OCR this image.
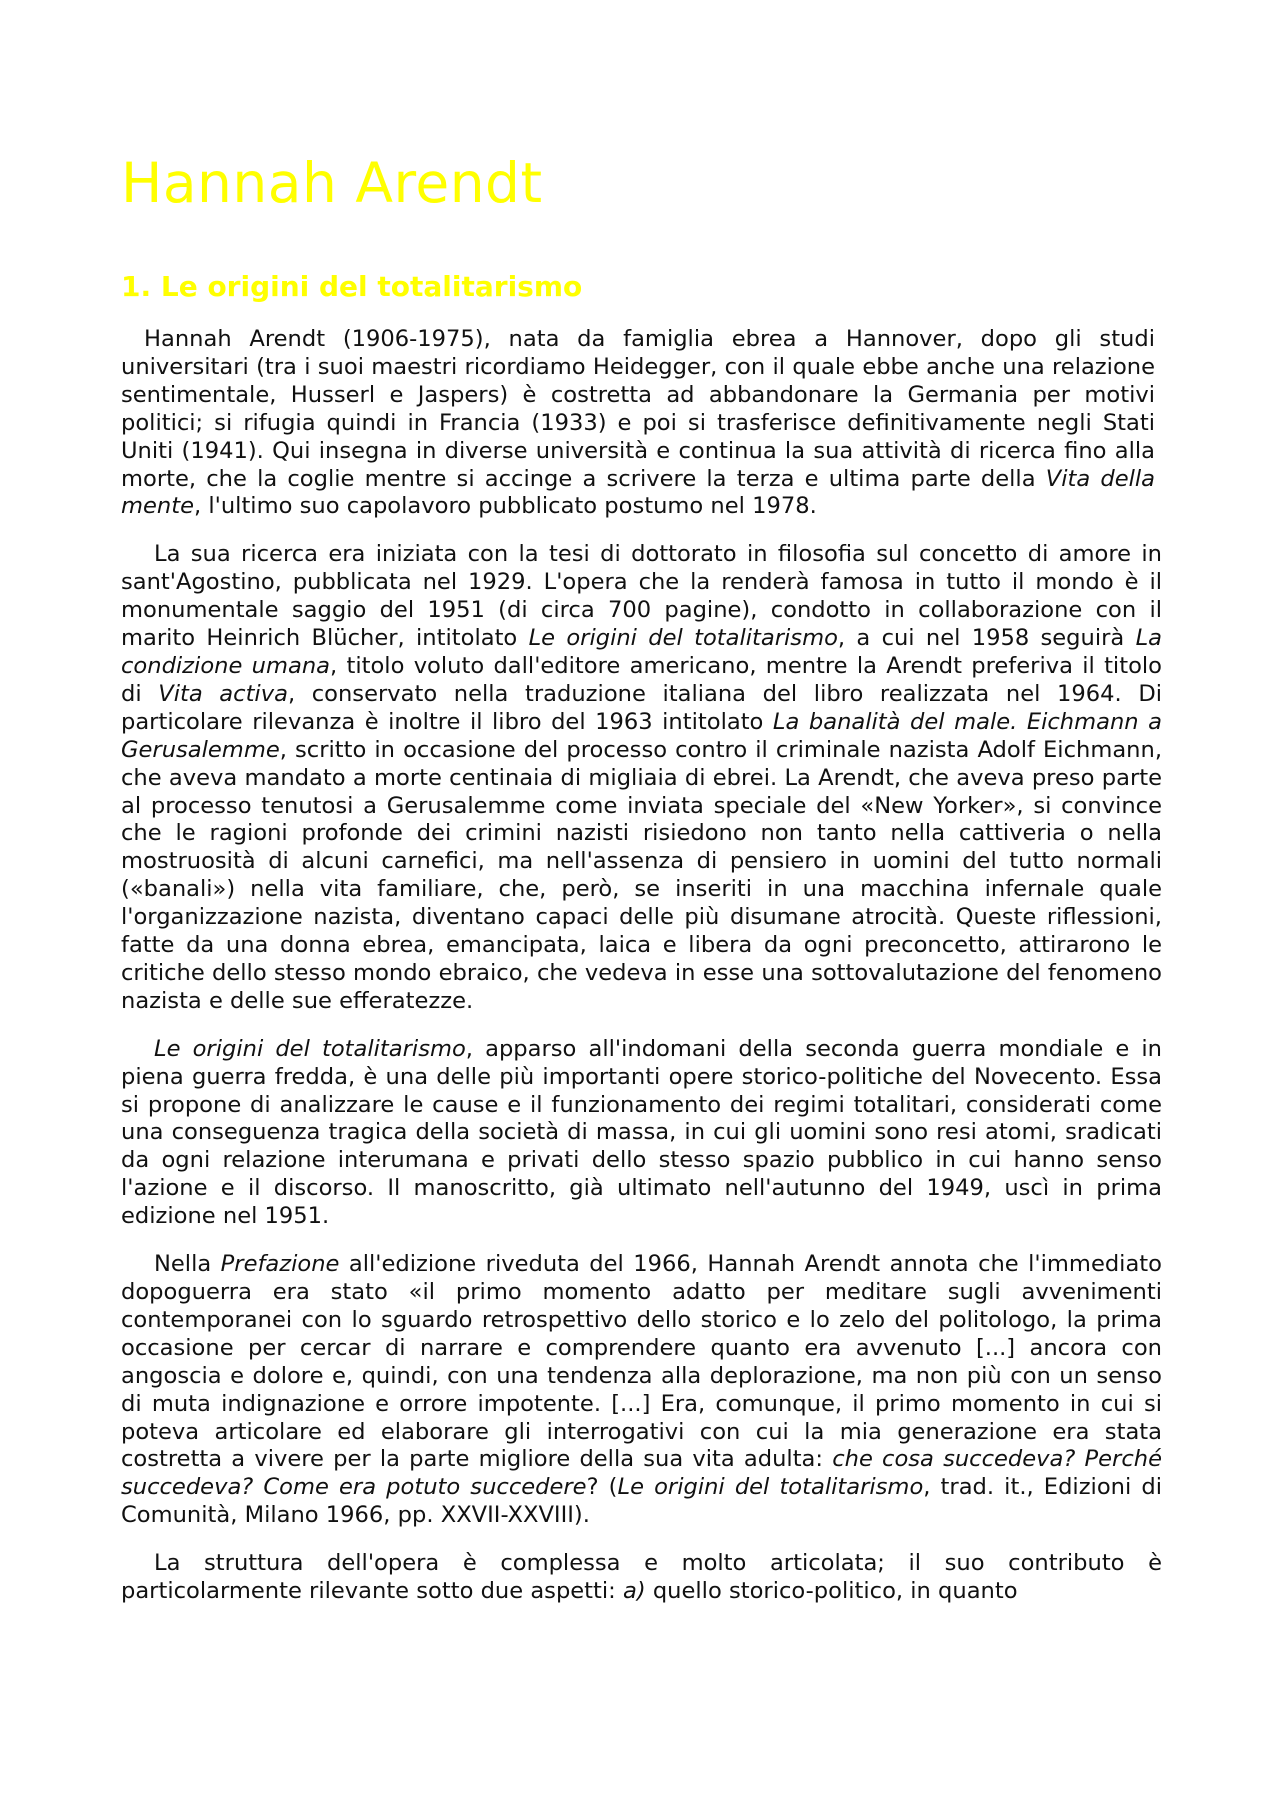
Hannah Arendt
1. Le origini del totalitarismo

Hannah Arendt (1906-1975), nata da famiglia ebrea a Hannover, dopo gli studi universitari (tra i suoi maestri ricordiamo Heidegger, con il quale ebbe anche una relazione sentimentale, Husserl e Jaspers) è costretta ad abbandonare la Germania per motivi politici; si rifugia quindi in Francia (1933) e poi si trasferisce definitivamente negli Stati Uniti (1941). Qui insegna in diverse università e continua la sua attività di ricerca fino alla morte, che la coglie mentre si accinge a scrivere la terza e ultima parte della Vita della mente, l'ultimo suo capolavoro pubblicato postumo nel 1978.

La sua ricerca era iniziata con la tesi di dottorato in filosofia sul concetto di amore in sant'Agostino, pubblicata nel 1929. L'opera che la renderà famosa in tutto il mondo è il monumentale saggio del 1951 (di circa 700 pagine), condotto in collaborazione con il marito Heinrich Blücher, intitolato Le origini del totalitarismo, a cui nel 1958 seguirà La condizione umana, titolo voluto dall'editore americano, mentre la Arendt preferiva il titolo di Vita activa, conservato nella traduzione italiana del libro realizzata nel 1964. Di particolare rilevanza è inoltre il libro del 1963 intitolato La banalità del male. Eichmann a Gerusalemme, scritto in occasione del processo contro il criminale nazista Adolf Eichmann, che aveva mandato a morte centinaia di migliaia di ebrei. La Arendt, che aveva preso parte al processo tenutosi a Gerusalemme come inviata speciale del «New Yorker», si convince che le ragioni profonde dei crimini nazisti risiedono non tanto nella cattiveria o nella mostruosità di alcuni carnefici, ma nell'assenza di pensiero in uomini del tutto normali («banali») nella vita familiare, che, però, se inseriti in una macchina infernale quale l'organizzazione nazista, diventano capaci delle più disumane atrocità. Queste riflessioni, fatte da una donna ebrea, emancipata, laica e libera da ogni preconcetto, attirarono le critiche dello stesso mondo ebraico, che vedeva in esse una sottovalutazione del fenomeno nazista e delle sue efferatezze.

Le origini del totalitarismo, apparso all'indomani della seconda guerra mondiale e in piena guerra fredda, è una delle più importanti opere storico-politiche del Novecento. Essa si propone di analizzare le cause e il funzionamento dei regimi totalitari, considerati come una conseguenza tragica della società di massa, in cui gli uomini sono resi atomi, sradicati da ogni relazione interumana e privati dello stesso spazio pubblico in cui hanno senso l'azione e il discorso. Il manoscritto, già ultimato nell'autunno del 1949, uscì in prima edizione nel 1951.

Nella Prefazione all'edizione riveduta del 1966, Hannah Arendt annota che l'immediato dopoguerra era stato «il primo momento adatto per meditare sugli avvenimenti contemporanei con lo sguardo retrospettivo dello storico e lo zelo del politologo, la prima occasione per cercar di narrare e comprendere quanto era avvenuto [...] ancora con angoscia e dolore e, quindi, con una tendenza alla deplorazione, ma non più con un senso di muta indignazione e orrore impotente. [...] Era, comunque, il primo momento in cui si poteva articolare ed elaborare gli interrogativi con cui la mia generazione era stata costretta a vivere per la parte migliore della sua vita adulta: che cosa succedeva? Perché succedeva? Come era potuto succedere? (Le origini del totalitarismo, trad. it., Edizioni di Comunità, Milano 1966, pp. XXVII-XXVIII).

La struttura dell'opera è complessa e molto articolata; il suo contributo è particolarmente rilevante sotto due aspetti: a) quello storico-politico, in quanto
